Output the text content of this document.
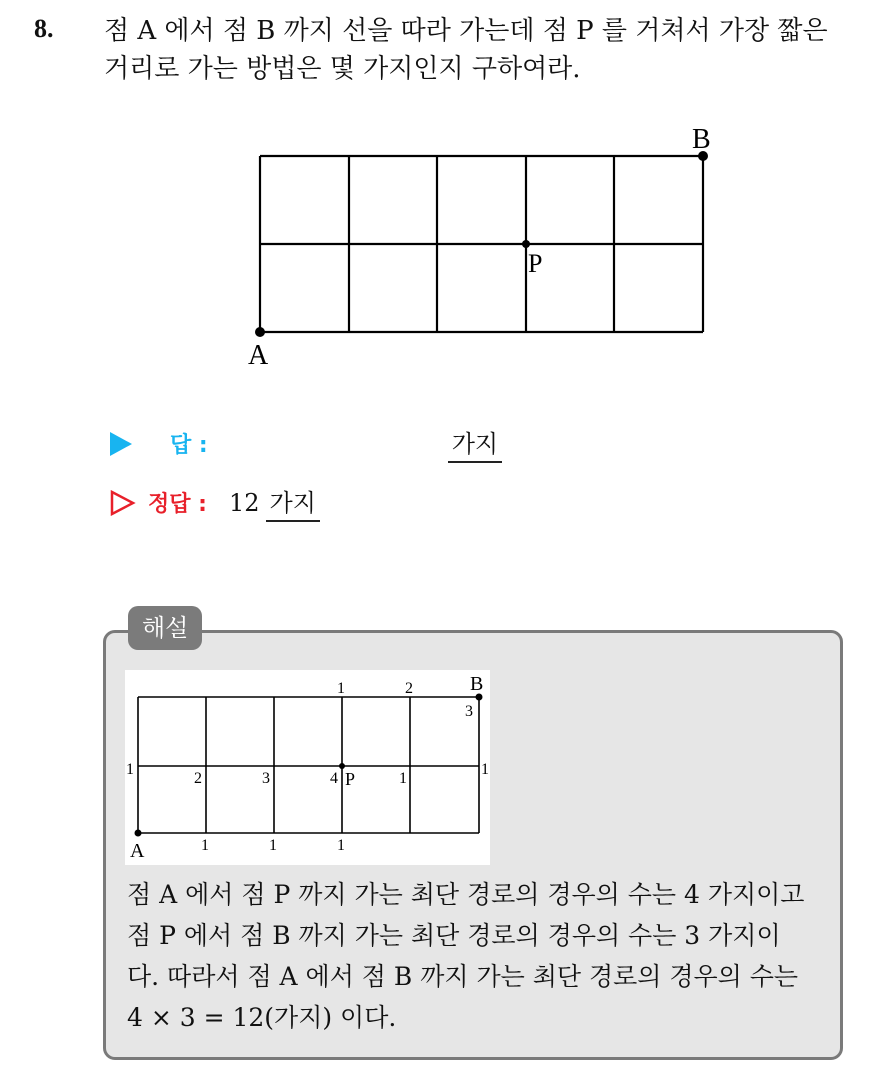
8. 점 A 에서 점 B 까지 선을 따라 가는데 점 P 를 거쳐서 가장 짧은
거리로 가는 방법은 몇 가지인지 구하여라.
A
B
P
답 :	가지
정답 : 12 가지
해설
A
B
P
1	2
3
1
2	3	4	1
1
1	1	1
점 A 에서 점 P 까지 가는 최단 경로의 경우의 수는 4 가지이고
점 P 에서 점 B 까지 가는 최단 경로의 경우의 수는 3 가지이
다. 따라서 점 A 에서 점 B 까지 가는 최단 경로의 경우의 수는
4 × 3 = 12(가지) 이다.
